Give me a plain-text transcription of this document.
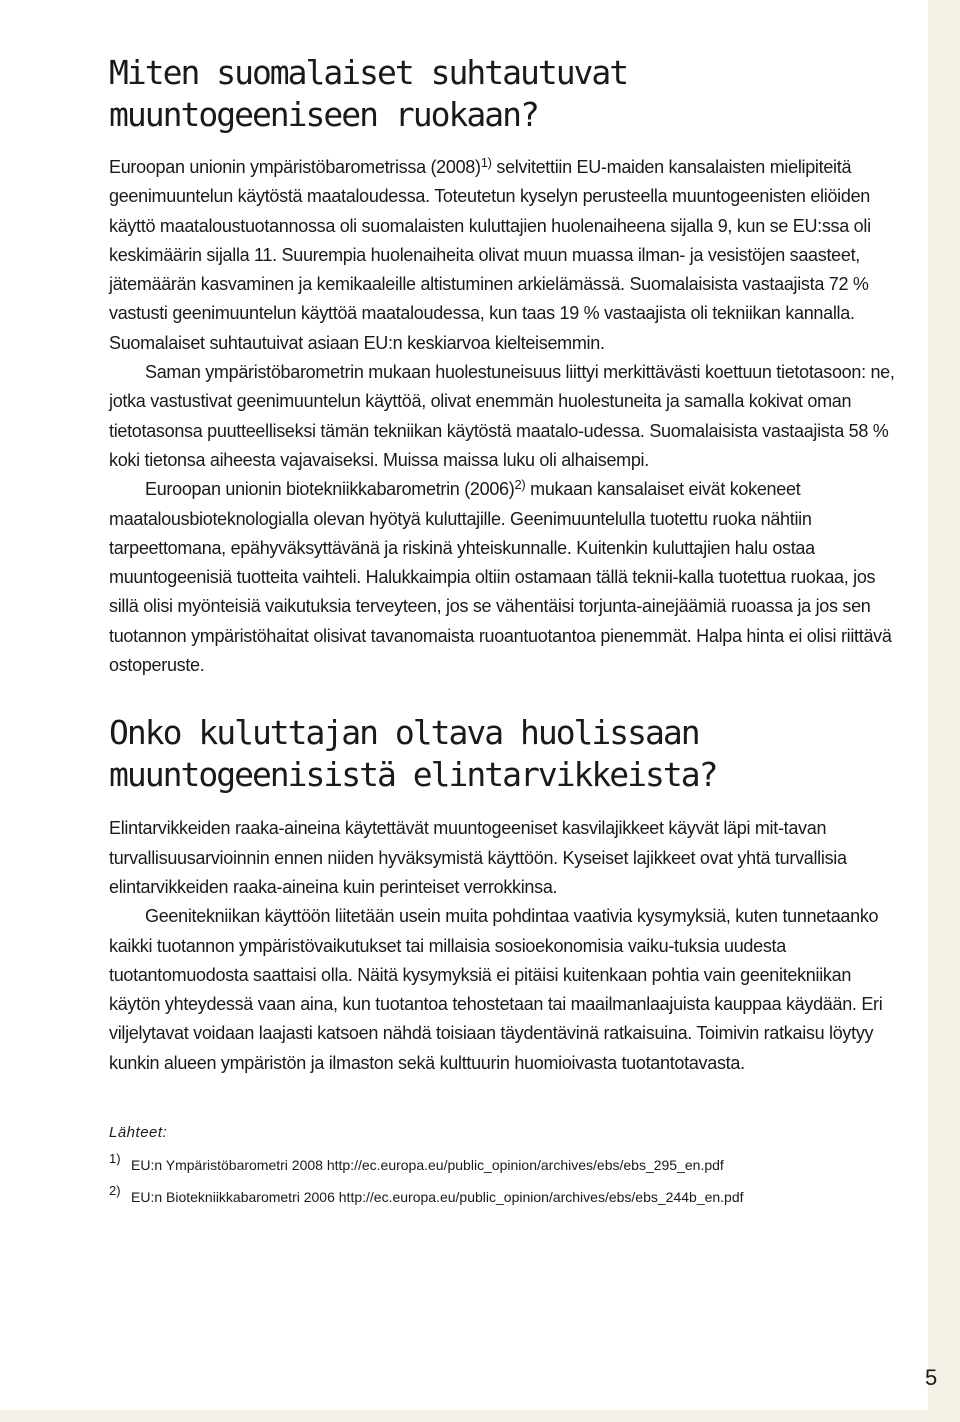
Miten suomalaiset suhtautuvat
muuntogeeniseen ruokaan?

Euroopan unionin ympäristöbarometrissa $(2008)^{1)}$ selvitettiin EU-maiden kansalaisten mielipiteitä geenimuuntelun käytöstä maataloudessa. Toteutetun kyselyn perusteella muuntogeenisten eliöiden käyttö maataloustuotannossa oli suomalaisten kuluttajien huolenaiheena sijalla 9, kun se EU:ssa oli keskimäärin sijalla 11. Suurempia huolenaiheita olivat muun muassa ilman- ja vesistöjen saasteet, jätemäärän kasvaminen ja kemikaaleille altistuminen arkielämässä. Suomalaisista vastaajista 72 % vastusti geenimuuntelun käyttöä maataloudessa, kun taas 19 % vastaajista oli tekniikan kannalla. Suomalaiset suhtautuivat asiaan EU:n keskiarvoa kielteisemmin.

Saman ympäristöbarometrin mukaan huolestuneisuus liittyi merkittävästi koettuun tietotasoon: ne, jotka vastustivat geenimuuntelun käyttöä, olivat enemmän huolestuneita ja samalla kokivat oman tietotasonsa puutteelliseksi tämän tekniikan käytöstä maatalo-udessa. Suomalaisista vastaajista 58 % koki tietonsa aiheesta vajavaiseksi. Muissa maissa luku oli alhaisempi.

Euroopan unionin biotekniikkabarometrin $(2006)^{2)}$ mukaan kansalaiset eivät kokeneet maatalousbioteknologialla olevan hyötyä kuluttajille. Geenimuuntelulla tuotettu ruoka nähtiin tarpeettomana, epähyväksyttävänä ja riskinä yhteiskunnalle. Kuitenkin kuluttajien halu ostaa muuntogeenisiä tuotteita vaihteli. Halukkaimpia oltiin ostamaan tällä teknii-kalla tuotettua ruokaa, jos sillä olisi myönteisiä vaikutuksia terveyteen, jos se vähentäisi torjunta-ainejäämiä ruoassa ja jos sen tuotannon ympäristöhaitat olisivat tavanomaista ruoantuotantoa pienemmät. Halpa hinta ei olisi riittävä ostoperuste.

Onko kuluttajan oltava huolissaan
muuntogeenisistä elintarvikkeista?

Elintarvikkeiden raaka-aineina käytettävät muuntogeeniset kasvilajikkeet käyvät läpi mit-tavan turvallisuusarvioinnin ennen niiden hyväksymistä käyttöön. Kyseiset lajikkeet ovat yhtä turvallisia elintarvikkeiden raaka-aineina kuin perinteiset verrokkinsa.

Geenitekniikan käyttöön liitetään usein muita pohdintaa vaativia kysymyksiä, kuten tunnetaanko kaikki tuotannon ympäristövaikutukset tai millaisia sosioekonomisia vaiku-tuksia uudesta tuotantomuodosta saattaisi olla. Näitä kysymyksiä ei pitäisi kuitenkaan pohtia vain geenitekniikan käytön yhteydessä vaan aina, kun tuotantoa tehostetaan tai maailmanlaajuista kauppaa käydään. Eri viljelytavat voidaan laajasti katsoen nähdä toisiaan täydentävinä ratkaisuina. Toimivin ratkaisu löytyy kunkin alueen ympäristön ja ilmaston sekä kulttuurin huomioivasta tuotantotavasta.

Lähteet:
1) EU:n Ympäristöbarometri 2008 http://ec.europa.eu/public_opinion/archives/ebs/ebs_295_en.pdf
2) EU:n Biotekniikkabarometri 2006 http://ec.europa.eu/public_opinion/archives/ebs/ebs_244b_en.pdf
5
